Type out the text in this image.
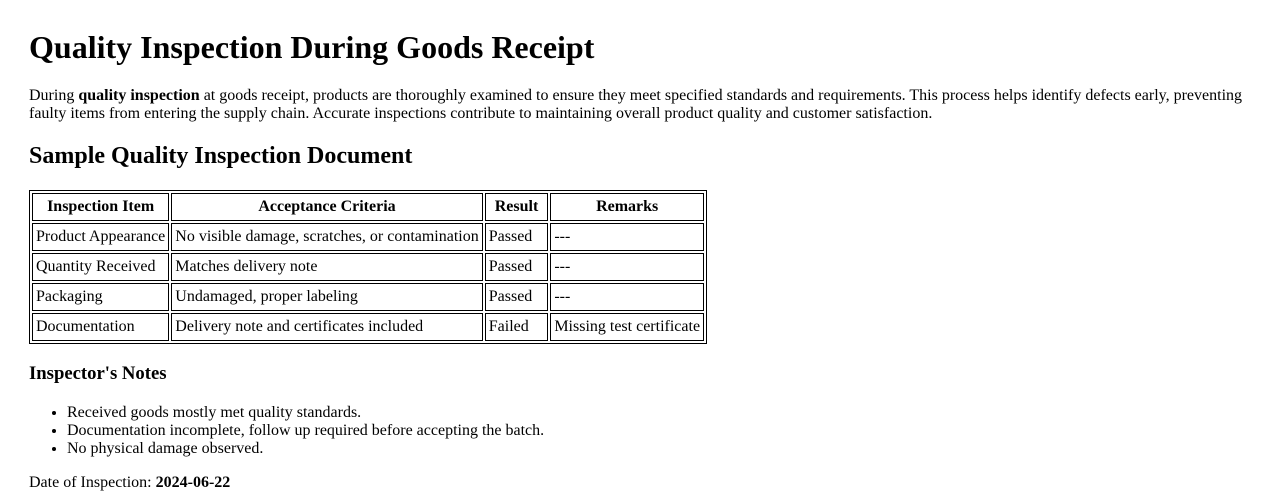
Quality Inspection During Goods Receipt

During quality inspection at goods receipt, products are thoroughly examined to ensure they meet specified standards and requirements. This process helps identify defects early, preventing faulty items from entering the supply chain. Accurate inspections contribute to maintaining overall product quality and customer satisfaction.

Sample Quality Inspection Document
Inspection Item	Acceptance Criteria	Result	Remarks
Product Appearance	No visible damage, scratches, or contamination	Passed	---
Quantity Received	Matches delivery note	Passed	---
Packaging	Undamaged, proper labeling	Passed	---
Documentation	Delivery note and certificates included	Failed	Missing test certificate
Inspector's Notes
• Received goods mostly met quality standards.
• Documentation incomplete, follow up required before accepting the batch.
• No physical damage observed.

Date of Inspection: 2024-06-22
